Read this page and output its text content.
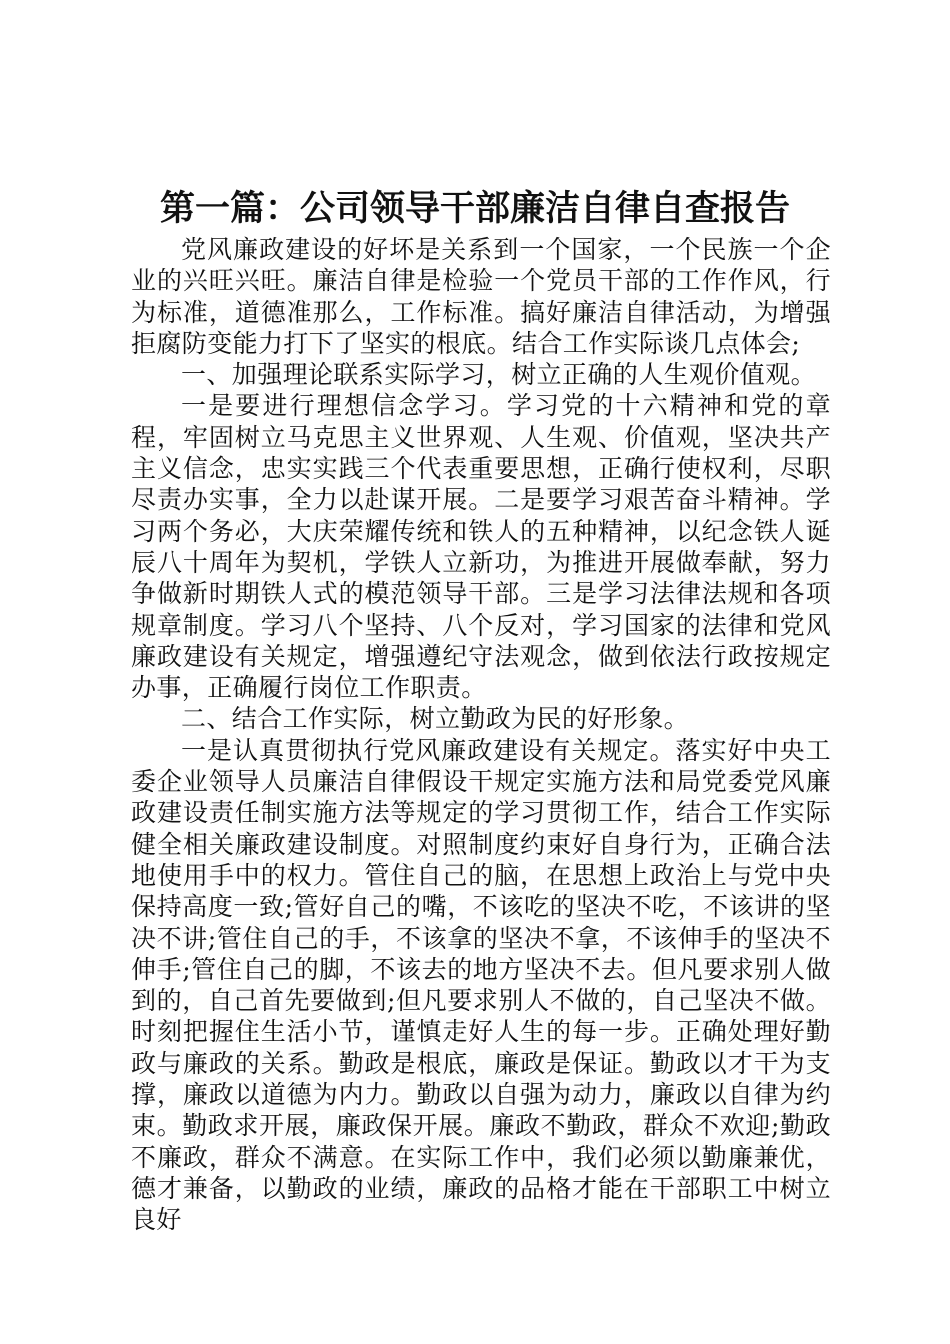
第一篇：公司领导干部廉洁自律自查报告

党风廉政建设的好坏是关系到一个国家，一个民族一个企业的兴旺兴旺。廉洁自律是检验一个党员干部的工作作风，行为标准，道德准那么，工作标准。搞好廉洁自律活动，为增强拒腐防变能力打下了坚实的根底。结合工作实际谈几点体会;

一、加强理论联系实际学习，树立正确的人生观价值观。

一是要进行理想信念学习。学习党的十六精神和党的章程，牢固树立马克思主义世界观、人生观、价值观，坚决共产主义信念，忠实实践三个代表重要思想，正确行使权利，尽职尽责办实事，全力以赴谋开展。二是要学习艰苦奋斗精神。学习两个务必，大庆荣耀传统和铁人的五种精神，以纪念铁人诞辰八十周年为契机，学铁人立新功，为推进开展做奉献，努力争做新时期铁人式的模范领导干部。三是学习法律法规和各项规章制度。学习八个坚持、八个反对，学习国家的法律和党风廉政建设有关规定，增强遵纪守法观念，做到依法行政按规定办事，正确履行岗位工作职责。

二、结合工作实际，树立勤政为民的好形象。

一是认真贯彻执行党风廉政建设有关规定。落实好中央工委企业领导人员廉洁自律假设干规定实施方法和局党委党风廉政建设责任制实施方法等规定的学习贯彻工作，结合工作实际健全相关廉政建设制度。对照制度约束好自身行为，正确合法地使用手中的权力。管住自己的脑，在思想上政治上与党中央保持高度一致;管好自己的嘴，不该吃的坚决不吃，不该讲的坚决不讲;管住自己的手，不该拿的坚决不拿，不该伸手的坚决不伸手;管住自己的脚，不该去的地方坚决不去。但凡要求别人做到的，自己首先要做到;但凡要求别人不做的，自己坚决不做。时刻把握住生活小节，谨慎走好人生的每一步。正确处理好勤政与廉政的关系。勤政是根底，廉政是保证。勤政以才干为支撑，廉政以道德为内力。勤政以自强为动力，廉政以自律为约束。勤政求开展，廉政保开展。廉政不勤政，群众不欢迎;勤政不廉政，群众不满意。在实际工作中，我们必须以勤廉兼优，德才兼备，以勤政的业绩，廉政的品格才能在干部职工中树立良好
